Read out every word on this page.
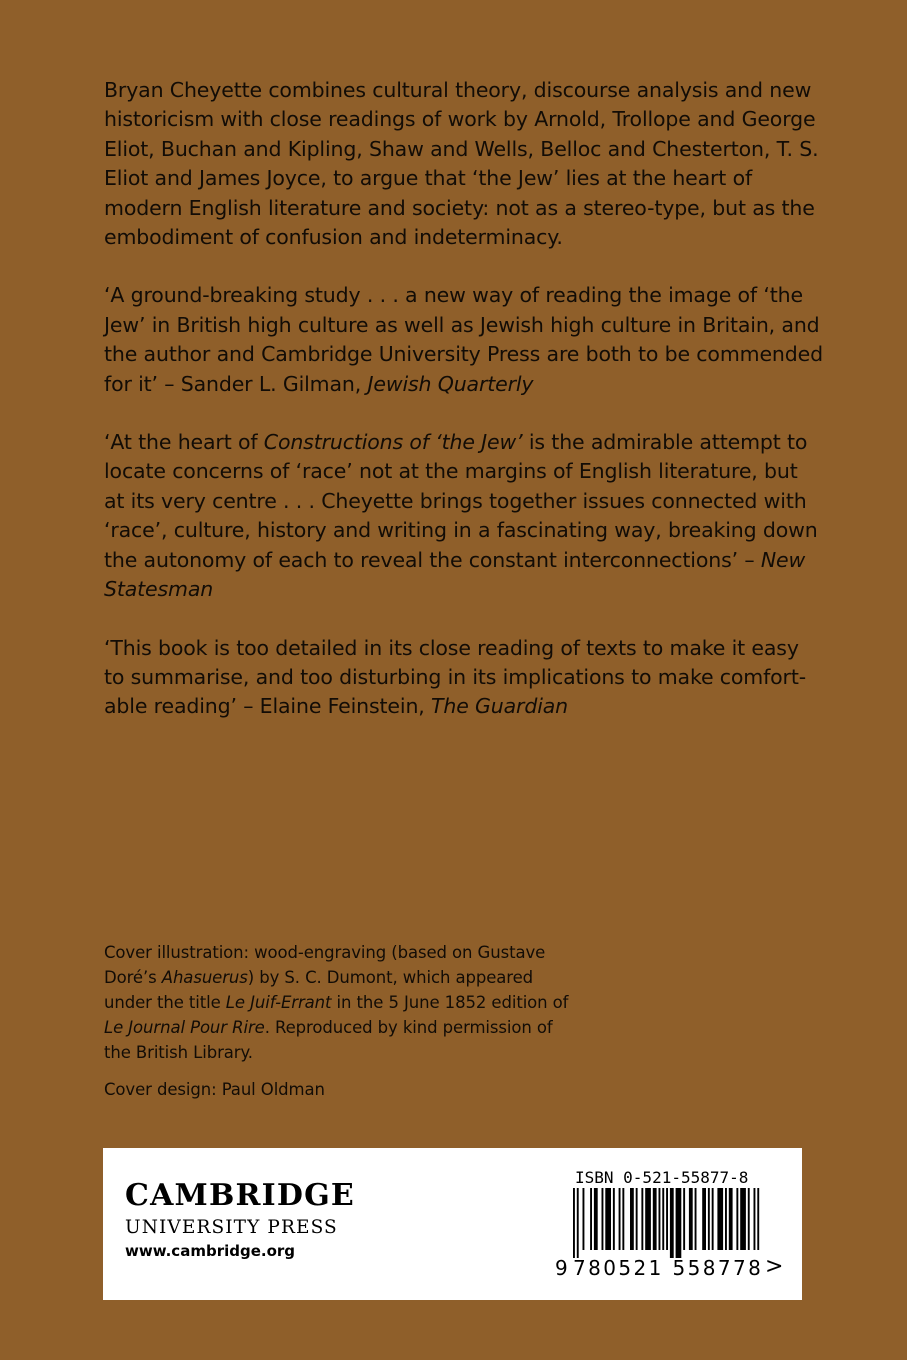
Bryan Cheyette combines cultural theory, discourse analysis and new historicism with close readings of work by Arnold, Trollope and George Eliot, Buchan and Kipling, Shaw and Wells, Belloc and Chesterton, T. S. Eliot and James Joyce, to argue that ‘the Jew’ lies at the heart of modern English literature and society: not as a stereo-type, but as the embodiment of confusion and indeterminacy.

‘A ground-breaking study . . . a new way of reading the image of ‘the Jew’ in British high culture as well as Jewish high culture in Britain, and the author and Cambridge University Press are both to be commended for it’ – Sander L. Gilman, Jewish Quarterly

‘At the heart of Constructions of ‘the Jew’ is the admirable attempt to locate concerns of ‘race’ not at the margins of English literature, but at its very centre . . . Cheyette brings together issues connected with ‘race’, culture, history and writing in a fascinating way, breaking down the autonomy of each to reveal the constant interconnections’ – New Statesman

‘This book is too detailed in its close reading of texts to make it easy to summarise, and too disturbing in its implications to make comfort-able reading’ – Elaine Feinstein, The Guardian

Cover illustration: wood-engraving (based on Gustave Doré’s Ahasuerus) by S. C. Dumont, which appeared under the title Le Juif-Errant in the 5 June 1852 edition of Le Journal Pour Rire. Reproduced by kind permission of the British Library.

Cover design: Paul Oldman

CAMBRIDGE
UNIVERSITY PRESS
www.cambridge.org
ISBN 0-521-55877-8
9 780521 558778 >
